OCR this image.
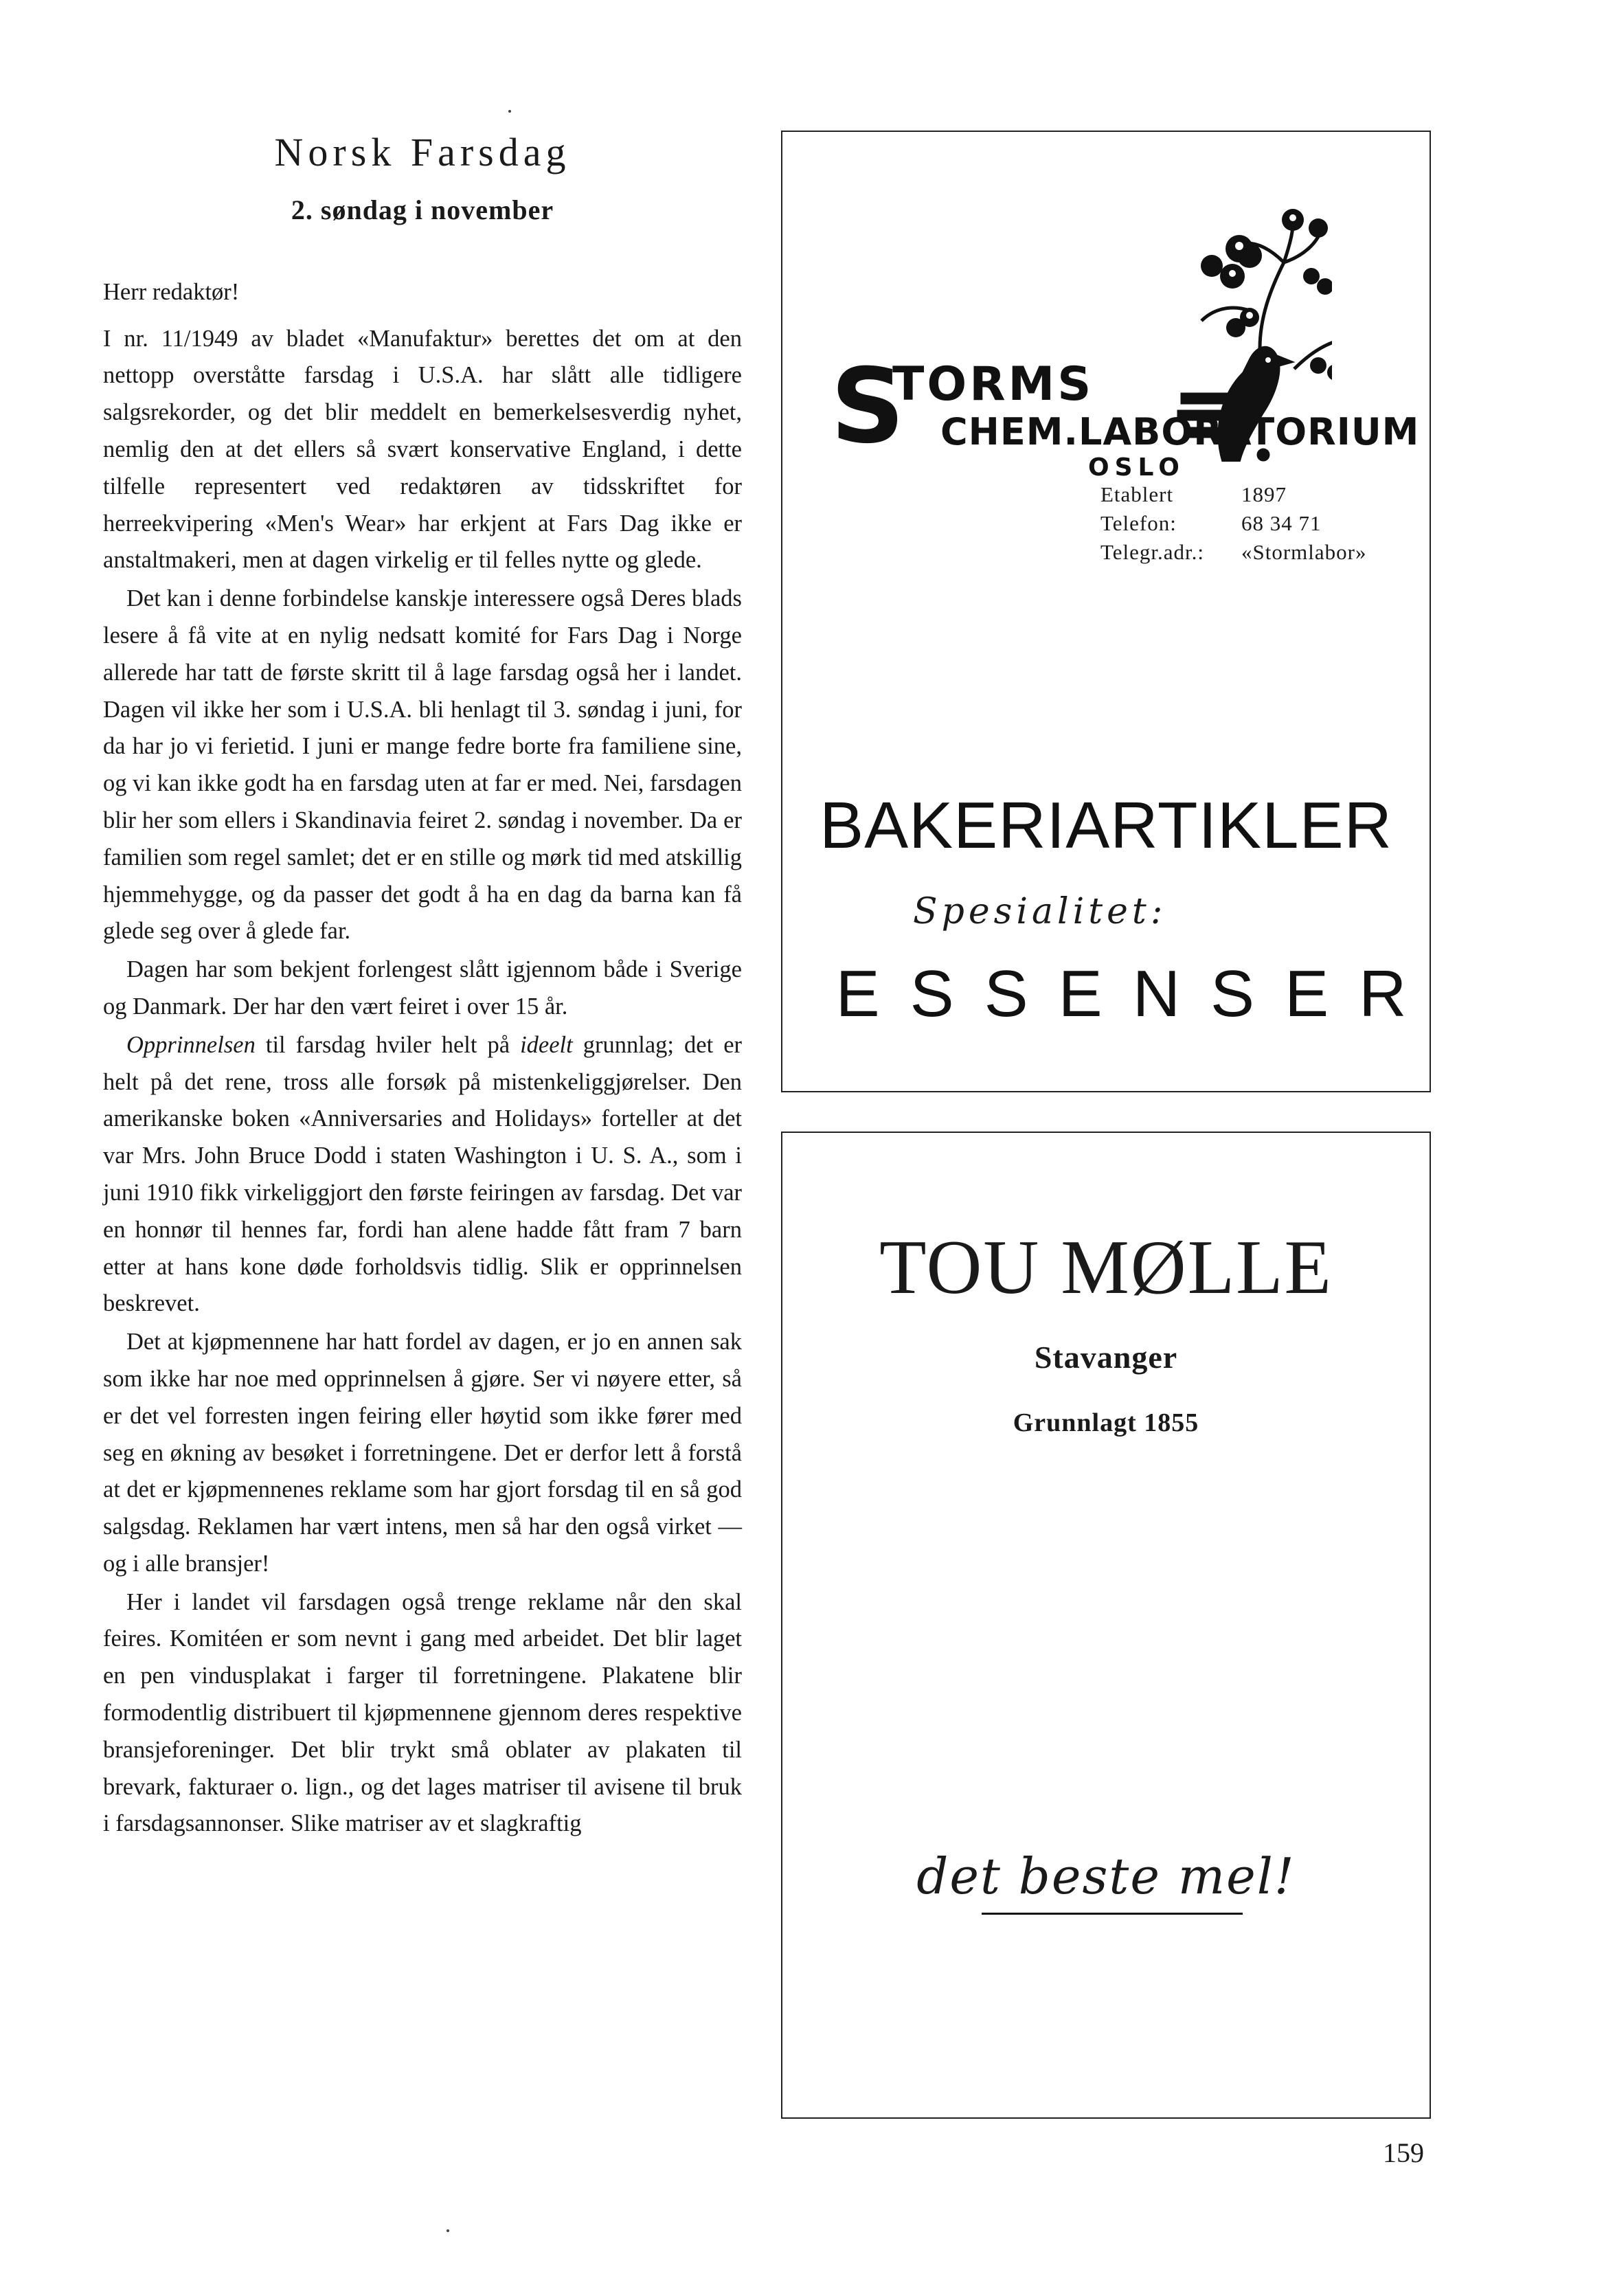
Norsk Farsdag
2. søndag i november
Herr redaktør!

I nr. 11/1949 av bladet «Manufaktur» berettes det om at den nettopp overståtte farsdag i U.S.A. har slått alle tidligere salgsrekorder, og det blir meddelt en bemerkelsesverdig nyhet, nemlig den at det ellers så svært konservative England, i dette tilfelle representert ved redaktøren av tidsskriftet for herreekvipering «Men's Wear» har erkjent at Fars Dag ikke er anstaltmakeri, men at dagen virkelig er til felles nytte og glede.

Det kan i denne forbindelse kanskje interessere også Deres blads lesere å få vite at en nylig nedsatt komité for Fars Dag i Norge allerede har tatt de første skritt til å lage farsdag også her i landet. Dagen vil ikke her som i U.S.A. bli henlagt til 3. søndag i juni, for da har jo vi ferietid. I juni er mange fedre borte fra familiene sine, og vi kan ikke godt ha en farsdag uten at far er med. Nei, farsdagen blir her som ellers i Skandinavia feiret 2. søndag i november. Da er familien som regel samlet; det er en stille og mørk tid med atskillig hjemmehygge, og da passer det godt å ha en dag da barna kan få glede seg over å glede far.

Dagen har som bekjent forlengest slått igjennom både i Sverige og Danmark. Der har den vært feiret i over 15 år.

Opprinnelsen til farsdag hviler helt på ideelt grunnlag; det er helt på det rene, tross alle forsøk på mistenkeliggjørelser. Den amerikanske boken «Anniversaries and Holidays» forteller at det var Mrs. John Bruce Dodd i staten Washington i U. S. A., som i juni 1910 fikk virkeliggjort den første feiringen av farsdag. Det var en honnør til hennes far, fordi han alene hadde fått fram 7 barn etter at hans kone døde forholdsvis tidlig. Slik er opprinnelsen beskrevet.

Det at kjøpmennene har hatt fordel av dagen, er jo en annen sak som ikke har noe med opprinnelsen å gjøre. Ser vi nøyere etter, så er det vel forresten ingen feiring eller høytid som ikke fører med seg en økning av besøket i forretningene. Det er derfor lett å forstå at det er kjøpmennenes reklame som har gjort forsdag til en så god salgsdag. Reklamen har vært intens, men så har den også virket — og i alle bransjer!

Her i landet vil farsdagen også trenge reklame når den skal feires. Komitéen er som nevnt i gang med arbeidet. Det blir laget en pen vindusplakat i farger til forretningene. Plakatene blir formodentlig distribuert til kjøpmennene gjennom deres respektive bransjeforeninger. Det blir trykt små oblater av plakaten til brevark, fakturaer o. lign., og det lages matriser til avisene til bruk i farsdagsannonser. Slike matriser av et slagkraftig

S
TORMS
CHEM.LABORATORIUM
OSLO
Etablert	1897
Telefon:	68 34 71
Telegr.adr.: «Stormlabor»
BAKERIARTIKLER
Spesialitet:
ESSENSER
TOU MØLLE
Stavanger
Grunnlagt 1855
det beste mel!
159
